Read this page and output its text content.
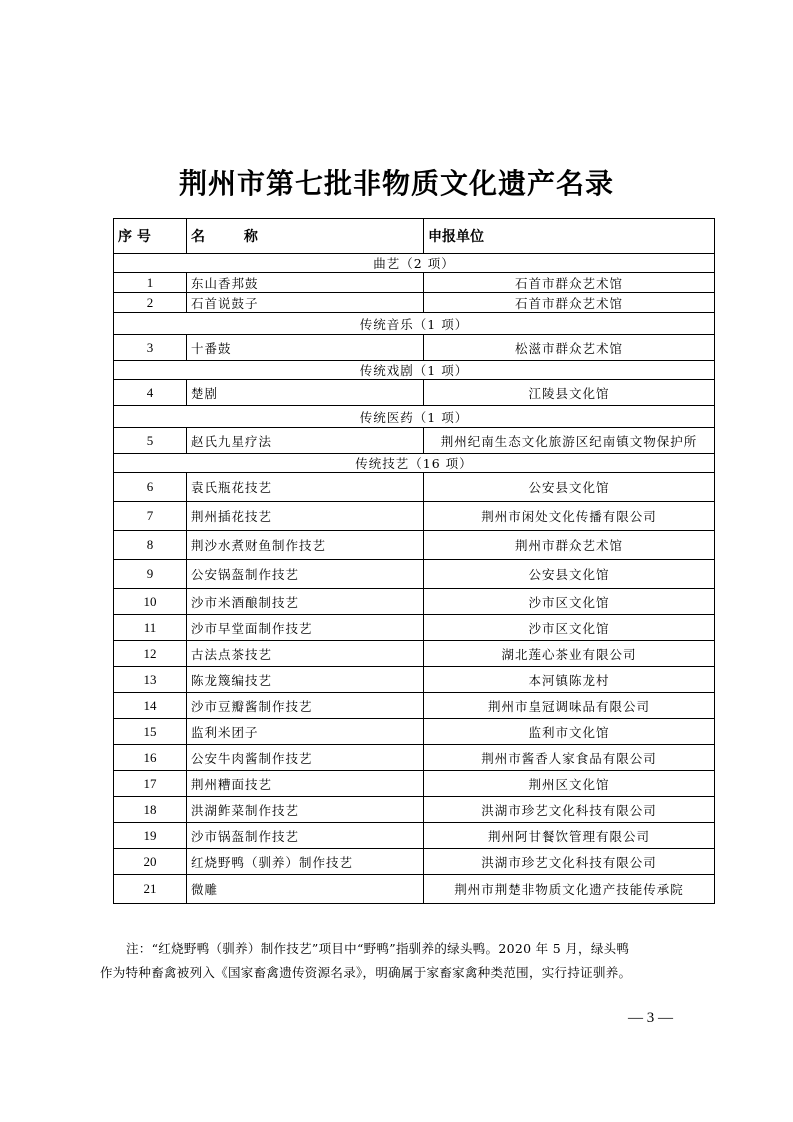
荆州市第七批非物质文化遗产名录
序 号	名 称	申报单位
曲艺（2 项）		
1	东山香邦鼓	石首市群众艺术馆
2	石首说鼓子	石首市群众艺术馆
传统音乐（1 项）		
3	十番鼓	松滋市群众艺术馆
传统戏剧（1 项）		
4	楚剧	江陵县文化馆
传统医药（1 项）		
5	赵氏九星疗法	荆州纪南生态文化旅游区纪南镇文物保护所
传统技艺（16 项）		
6	袁氏瓶花技艺	公安县文化馆
7	荆州插花技艺	荆州市闲处文化传播有限公司
8	荆沙水煮财鱼制作技艺	荆州市群众艺术馆
9	公安锅盔制作技艺	公安县文化馆
10	沙市米酒酿制技艺	沙市区文化馆
11	沙市早堂面制作技艺	沙市区文化馆
12	古法点茶技艺	湖北莲心茶业有限公司
13	陈龙篾编技艺	本河镇陈龙村
14	沙市豆瓣酱制作技艺	荆州市皇冠调味品有限公司
15	监利米团子	监利市文化馆
16	公安牛肉酱制作技艺	荆州市酱香人家食品有限公司
17	荆州糟面技艺	荆州区文化馆
18	洪湖鲊菜制作技艺	洪湖市珍艺文化科技有限公司
19	沙市锅盔制作技艺	荆州阿甘餐饮管理有限公司
20	红烧野鸭（驯养）制作技艺	洪湖市珍艺文化科技有限公司
21	微雕	荆州市荆楚非物质文化遗产技能传承院

注：“红烧野鸭（驯养）制作技艺”项目中“野鸭”指驯养的绿头鸭。2020 年 5 月，绿头鸭

作为特种畜禽被列入《国家畜禽遗传资源名录》，明确属于家畜家禽种类范围，实行持证驯养。

— 3 —
